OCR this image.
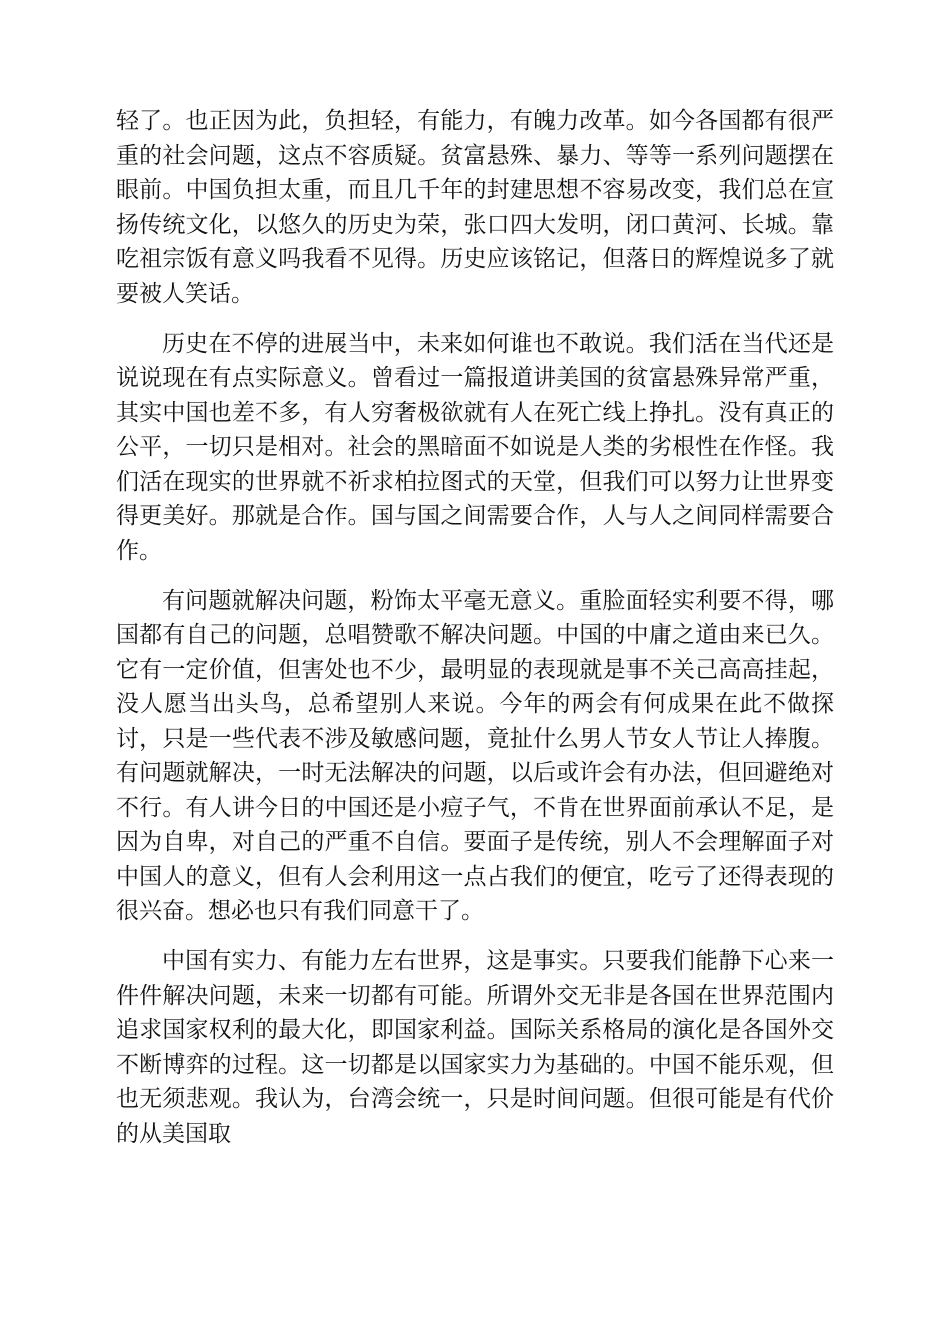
轻了。也正因为此，负担轻，有能力，有魄力改革。如今各国都有很严重的社会问题，这点不容质疑。贫富悬殊、暴力、等等一系列问题摆在眼前。中国负担太重，而且几千年的封建思想不容易改变，我们总在宣扬传统文化，以悠久的历史为荣，张口四大发明，闭口黄河、长城。靠吃祖宗饭有意义吗我看不见得。历史应该铭记，但落日的辉煌说多了就要被人笑话。

历史在不停的进展当中，未来如何谁也不敢说。我们活在当代还是说说现在有点实际意义。曾看过一篇报道讲美国的贫富悬殊异常严重，其实中国也差不多，有人穷奢极欲就有人在死亡线上挣扎。没有真正的公平，一切只是相对。社会的黑暗面不如说是人类的劣根性在作怪。我们活在现实的世界就不祈求柏拉图式的天堂，但我们可以努力让世界变得更美好。那就是合作。国与国之间需要合作，人与人之间同样需要合作。

有问题就解决问题，粉饰太平毫无意义。重脸面轻实利要不得，哪国都有自己的问题，总唱赞歌不解决问题。中国的中庸之道由来已久。它有一定价值，但害处也不少，最明显的表现就是事不关己高高挂起，没人愿当出头鸟，总希望别人来说。今年的两会有何成果在此不做探讨，只是一些代表不涉及敏感问题，竟扯什么男人节女人节让人捧腹。有问题就解决，一时无法解决的问题，以后或许会有办法，但回避绝对不行。有人讲今日的中国还是小痘子气，不肯在世界面前承认不足，是因为自卑，对自己的严重不自信。要面子是传统，别人不会理解面子对中国人的意义，但有人会利用这一点占我们的便宜，吃亏了还得表现的很兴奋。想必也只有我们同意干了。

中国有实力、有能力左右世界，这是事实。只要我们能静下心来一件件解决问题，未来一切都有可能。所谓外交无非是各国在世界范围内追求国家权利的最大化，即国家利益。国际关系格局的演化是各国外交不断博弈的过程。这一切都是以国家实力为基础的。中国不能乐观，但也无须悲观。我认为，台湾会统一，只是时间问题。但很可能是有代价的从美国取
